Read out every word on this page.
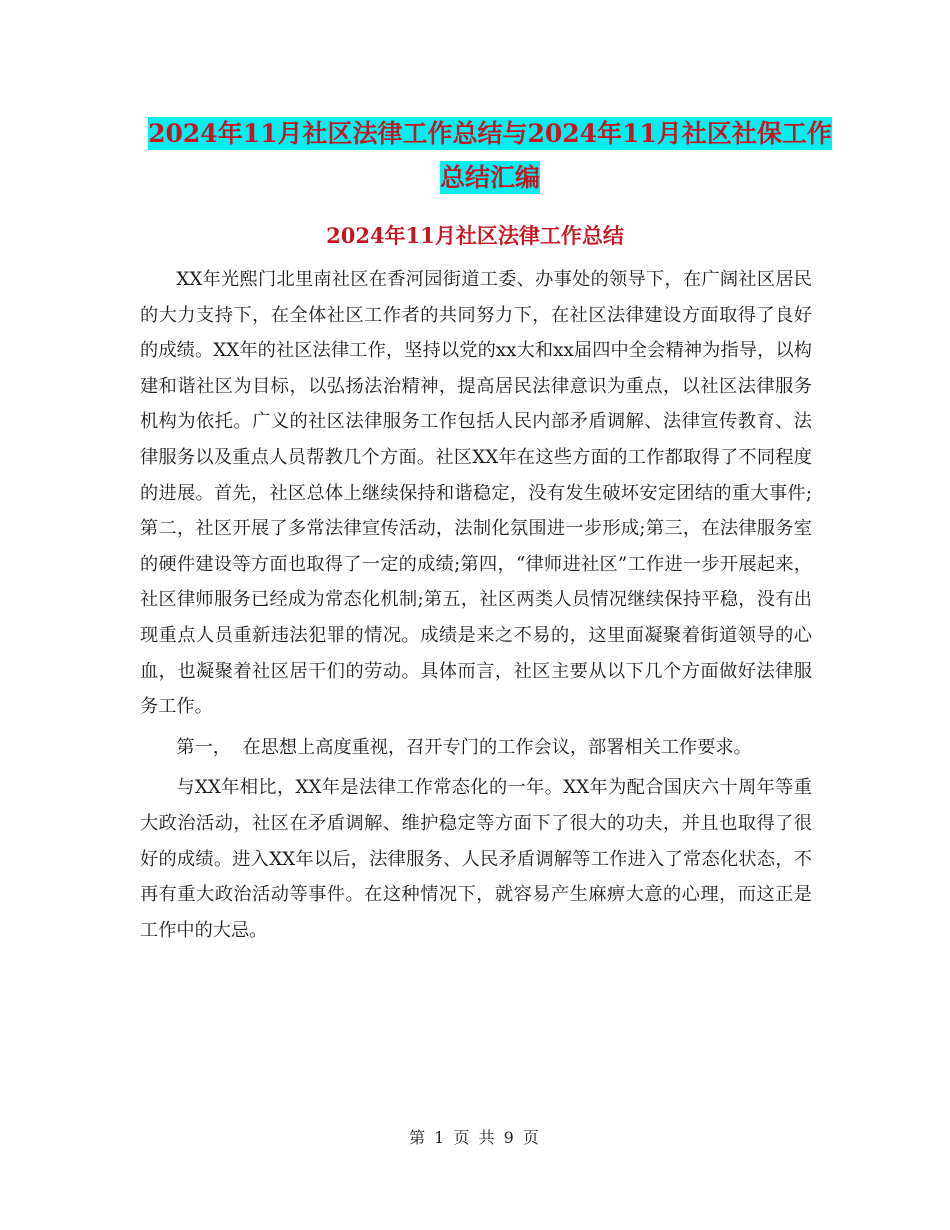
2024年11月社区法律工作总结与2024年11月社区社保工作总结汇编
2024年11月社区法律工作总结

XX年光熙门北里南社区在香河园街道工委、办事处的领导下，在广阔社区居民的大力支持下，在全体社区工作者的共同努力下，在社区法律建设方面取得了良好的成绩。XX年的社区法律工作，坚持以党的xx大和xx届四中全会精神为指导，以构建和谐社区为目标，以弘扬法治精神，提高居民法律意识为重点，以社区法律服务机构为依托。广义的社区法律服务工作包括人民内部矛盾调解、法律宣传教育、法律服务以及重点人员帮教几个方面。社区XX年在这些方面的工作都取得了不同程度的进展。首先，社区总体上继续保持和谐稳定，没有发生破坏安定团结的重大事件;第二，社区开展了多常法律宣传活动，法制化氛围进一步形成;第三，在法律服务室的硬件建设等方面也取得了一定的成绩;第四，“律师进社区”工作进一步开展起来，社区律师服务已经成为常态化机制;第五，社区两类人员情况继续保持平稳，没有出现重点人员重新违法犯罪的情况。成绩是来之不易的，这里面凝聚着街道领导的心血，也凝聚着社区居干们的劳动。具体而言，社区主要从以下几个方面做好法律服务工作。

第一，  在思想上高度重视，召开专门的工作会议，部署相关工作要求。

与XX年相比，XX年是法律工作常态化的一年。XX年为配合国庆六十周年等重大政治活动，社区在矛盾调解、维护稳定等方面下了很大的功夫，并且也取得了很好的成绩。进入XX年以后，法律服务、人民矛盾调解等工作进入了常态化状态，不再有重大政治活动等事件。在这种情况下，就容易产生麻痹大意的心理，而这正是工作中的大忌。

第 1 页 共 9 页
